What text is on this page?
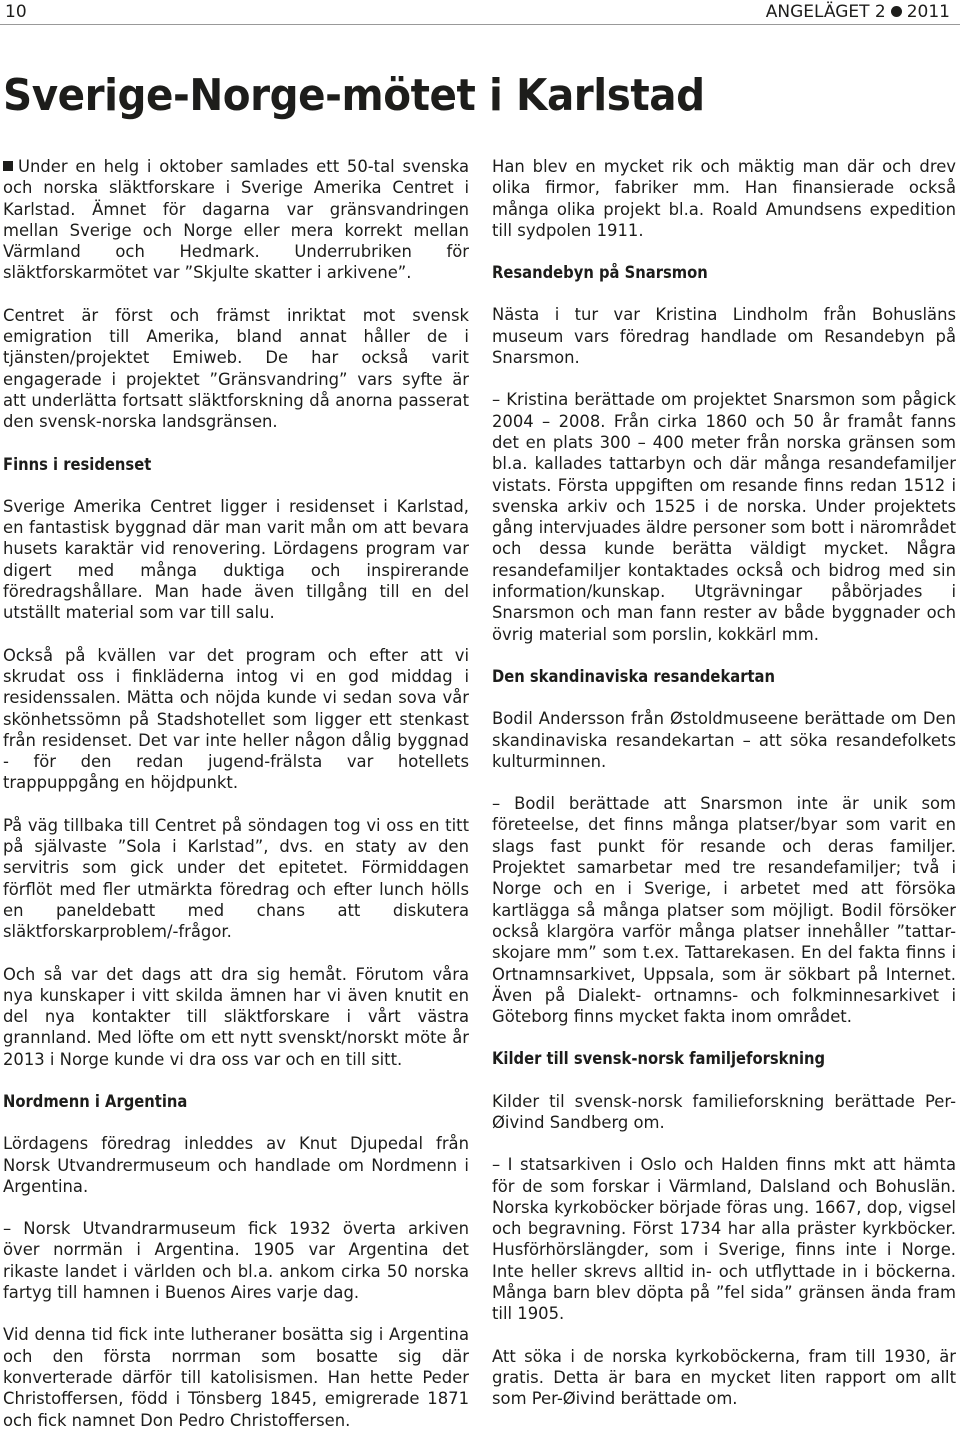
10	ANGELÄGET 2 2011
Sverige-Norge-mötet i Karlstad

Under en helg i oktober samlades ett 50-tal svenska och norska släktforskare i Sverige Amerika Centret i Karlstad. Ämnet för dagarna var gränsvandringen mellan Sverige och Norge eller mera korrekt mellan Värmland och Hedmark. Underrubriken för släktforskarmötet var ”Skjulte skatter i arkivene”.

Centret är först och främst inriktat mot svensk emigration till Amerika, bland annat håller de i tjänsten/projektet Emiweb. De har också varit engagerade i projektet ”Gränsvandring” vars syfte är att underlätta fortsatt släktforskning då anorna passerat den svensk-norska landsgränsen.

Finns i residenset

Sverige Amerika Centret ligger i residenset i Karlstad, en fantastisk byggnad där man varit mån om att bevara husets karaktär vid renovering. Lördagens program var digert med många duktiga och inspirerande föredragshållare. Man hade även tillgång till en del utställt material som var till salu.

Också på kvällen var det program och efter att vi skrudat oss i finkläderna intog vi en god middag i residenssalen. Mätta och nöjda kunde vi sedan sova vår skönhetssömn på Stadshotellet som ligger ett stenkast från residenset. Det var inte heller någon dålig byggnad - för den redan jugend-frälsta var hotellets trappuppgång en höjdpunkt.

På väg tillbaka till Centret på söndagen tog vi oss en titt på självaste ”Sola i Karlstad”, dvs. en staty av den servitris som gick under det epitetet. Förmiddagen förflöt med fler utmärkta föredrag och efter lunch hölls en paneldebatt med chans att diskutera släktforskarproblem/-frågor.

Och så var det dags att dra sig hemåt. Förutom våra nya kunskaper i vitt skilda ämnen har vi även knutit en del nya kontakter till släktforskare i vårt västra grannland. Med löfte om ett nytt svenskt/norskt möte år 2013 i Norge kunde vi dra oss var och en till sitt.

Nordmenn i Argentina

Lördagens föredrag inleddes av Knut Djupedal från Norsk Utvandrermuseum och handlade om Nordmenn i Argentina.

– Norsk Utvandrarmuseum fick 1932 överta arkiven över norrmän i Argentina. 1905 var Argentina det rikaste landet i världen och bl.a. ankom cirka 50 norska fartyg till hamnen i Buenos Aires varje dag.

Vid denna tid fick inte lutheraner bosätta sig i Argentina och den första norrman som bosatte sig där konverterade därför till katolisismen. Han hette Peder Christoffersen, född i Tönsberg 1845, emigrerade 1871 och fick namnet Don Pedro Christoffersen.

Han blev en mycket rik och mäktig man där och drev olika firmor, fabriker mm. Han finansierade också många olika projekt bl.a. Roald Amundsens expedition till sydpolen 1911.

Resandebyn på Snarsmon

Nästa i tur var Kristina Lindholm från Bohusläns museum vars föredrag handlade om Resandebyn på Snarsmon.

– Kristina berättade om projektet Snarsmon som pågick 2004 – 2008. Från cirka 1860 och 50 år framåt fanns det en plats 300 – 400 meter från norska gränsen som bl.a. kallades tattarbyn och där många resandefamiljer vistats. Första uppgiften om resande finns redan 1512 i svenska arkiv och 1525 i de norska. Under projektets gång intervjuades äldre personer som bott i närområdet och dessa kunde berätta väldigt mycket. Några resandefamiljer kontaktades också och bidrog med sin information/kunskap. Utgrävningar påbörjades i Snarsmon och man fann rester av både byggnader och övrig material som porslin, kokkärl mm.

Den skandinaviska resandekartan

Bodil Andersson från Østoldmuseene berättade om Den skandinaviska resandekartan – att söka resandefolkets kulturminnen.

– Bodil berättade att Snarsmon inte är unik som företeelse, det finns många platser/byar som varit en slags fast punkt för resande och deras familjer. Projektet samarbetar med tre resandefamiljer; två i Norge och en i Sverige, i arbetet med att försöka kartlägga så många platser som möjligt. Bodil försöker också klargöra varför många platser innehåller ”tattar- skojare mm” som t.ex. Tattarekasen. En del fakta finns i Ortnamnsarkivet, Uppsala, som är sökbart på Internet. Även på Dialekt- ortnamns- och folkminnesarkivet i Göteborg finns mycket fakta inom området.

Kilder till svensk-norsk familjeforskning

Kilder til svensk-norsk familieforskning berättade Per-Øivind Sandberg om.

– I statsarkiven i Oslo och Halden finns mkt att hämta för de som forskar i Värmland, Dalsland och Bohuslän. Norska kyrkoböcker började föras ung. 1667, dop, vigsel och begravning. Först 1734 har alla präster kyrkböcker. Husförhörslängder, som i Sverige, finns inte i Norge. Inte heller skrevs alltid in- och utflyttade in i böckerna. Många barn blev döpta på ”fel sida” gränsen ända fram till 1905.

Att söka i de norska kyrkoböckerna, fram till 1930, är gratis. Detta är bara en mycket liten rapport om allt som Per-Øivind berättade om.
